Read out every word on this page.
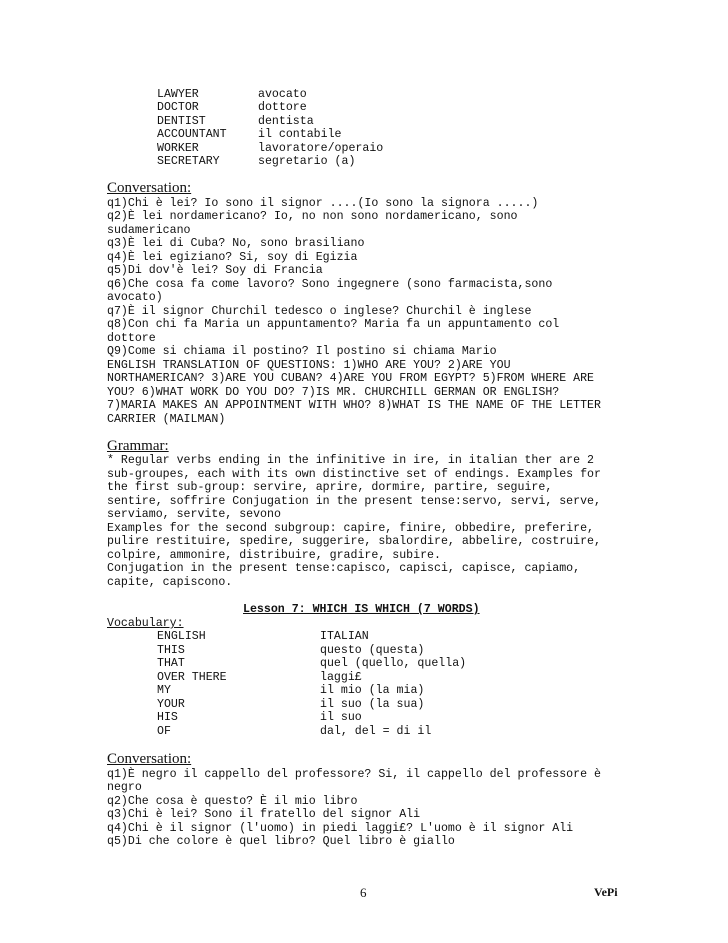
LAWYER	avocato
DOCTOR	dottore
DENTIST	dentista
ACCOUNTANT	il contabile
WORKER	lavoratore/operaio
SECRETARY	segretario (a)
Conversation:
q1)Chi è lei? Io sono il signor ....(Io sono la signora .....)
q2)È lei nordamericano? Io, no non sono nordamericano, sono
sudamericano
q3)È lei di Cuba? No, sono brasiliano
q4)È lei egiziano? Si, soy di Egizia
q5)Di dov'è lei? Soy di Francia
q6)Che cosa fa come lavoro? Sono ingegnere (sono farmacista,sono
avocato)
q7)È il signor Churchil tedesco o inglese? Churchil è inglese
q8)Con chi fa Maria un appuntamento? Maria fa un appuntamento col
dottore
Q9)Come si chiama il postino? Il postino si chiama Mario
ENGLISH TRANSLATION OF QUESTIONS: 1)WHO ARE YOU? 2)ARE YOU
NORTHAMERICAN? 3)ARE YOU CUBAN? 4)ARE YOU FROM EGYPT? 5)FROM WHERE ARE
YOU? 6)WHAT WORK DO YOU DO? 7)IS MR. CHURCHILL GERMAN OR ENGLISH?
7)MARIA MAKES AN APPOINTMENT WITH WHO? 8)WHAT IS THE NAME OF THE LETTER
CARRIER (MAILMAN)
Grammar:
* Regular verbs ending in the infinitive in ire, in italian ther are 2
sub-groupes, each with its own distinctive set of endings. Examples for
the first sub-group: servire, aprire, dormire, partire, seguire,
sentire, soffrire Conjugation in the present tense:servo, servi, serve,
serviamo, servite, sevono
Examples for the second subgroup: capire, finire, obbedire, preferire,
pulire restituire, spedire, suggerire, sbalordire, abbelire, costruire,
colpire, ammonire, distribuire, gradire, subire.
Conjugation in the present tense:capisco, capisci, capisce, capiamo,
capite, capiscono.
Lesson 7: WHICH IS WHICH (7 WORDS)
Vocabulary:
ENGLISH	ITALIAN
THIS	questo (questa)
THAT	quel (quello, quella)
OVER THERE	laggi£
MY	il mio (la mia)
YOUR	il suo (la sua)
HIS	il suo
OF	dal, del = di il
Conversation:
q1)È negro il cappello del professore? Si, il cappello del professore è
negro
q2)Che cosa è questo? È il mio libro
q3)Chi è lei? Sono il fratello del signor Ali
q4)Chi è il signor (l'uomo) in piedi laggi£? L'uomo è il signor Ali
q5)Di che colore è quel libro? Quel libro è giallo
6	VePi
